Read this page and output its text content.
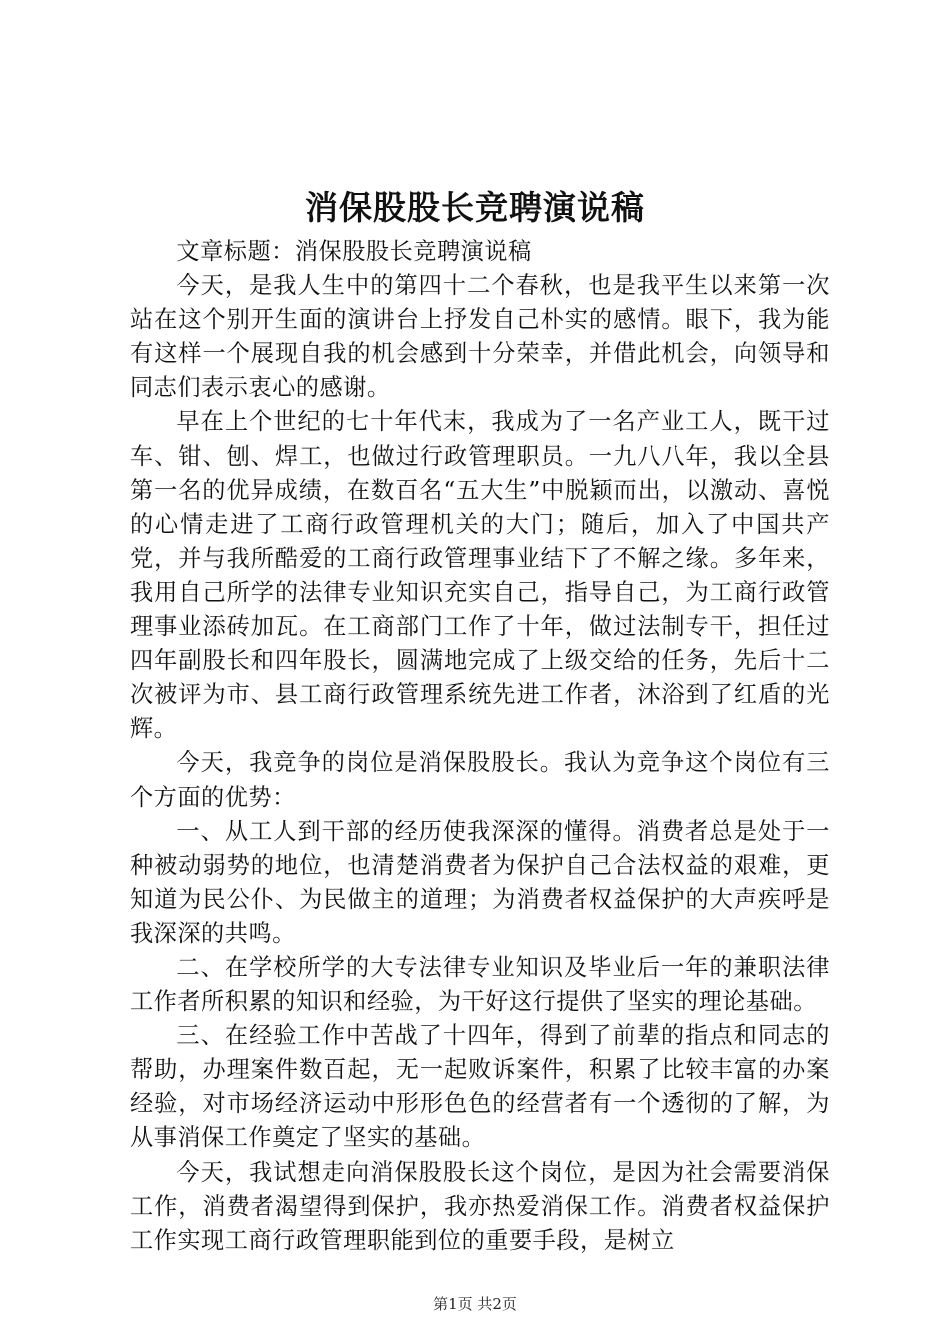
消保股股长竞聘演说稿

文章标题：消保股股长竞聘演说稿

今天，是我人生中的第四十二个春秋，也是我平生以来第一次站在这个别开生面的演讲台上抒发自己朴实的感情。眼下，我为能有这样一个展现自我的机会感到十分荣幸，并借此机会，向领导和同志们表示衷心的感谢。

早在上个世纪的七十年代末，我成为了一名产业工人，既干过车、钳、刨、焊工，也做过行政管理职员。一九八八年，我以全县第一名的优异成绩，在数百名“五大生”中脱颖而出，以激动、喜悦的心情走进了工商行政管理机关的大门；随后，加入了中国共产党，并与我所酷爱的工商行政管理事业结下了不解之缘。多年来，我用自己所学的法律专业知识充实自己，指导自己，为工商行政管理事业添砖加瓦。在工商部门工作了十年，做过法制专干，担任过四年副股长和四年股长，圆满地完成了上级交给的任务，先后十二次被评为市、县工商行政管理系统先进工作者，沐浴到了红盾的光辉。

今天，我竞争的岗位是消保股股长。我认为竞争这个岗位有三个方面的优势：

一、从工人到干部的经历使我深深的懂得。消费者总是处于一种被动弱势的地位，也清楚消费者为保护自己合法权益的艰难，更知道为民公仆、为民做主的道理；为消费者权益保护的大声疾呼是我深深的共鸣。

二、在学校所学的大专法律专业知识及毕业后一年的兼职法律工作者所积累的知识和经验，为干好这行提供了坚实的理论基础。

三、在经验工作中苦战了十四年，得到了前辈的指点和同志的帮助，办理案件数百起，无一起败诉案件，积累了比较丰富的办案经验，对市场经济运动中形形色色的经营者有一个透彻的了解，为从事消保工作奠定了坚实的基础。

今天，我试想走向消保股股长这个岗位，是因为社会需要消保工作，消费者渴望得到保护，我亦热爱消保工作。消费者权益保护工作实现工商行政管理职能到位的重要手段，是树立

第1页 共2页
